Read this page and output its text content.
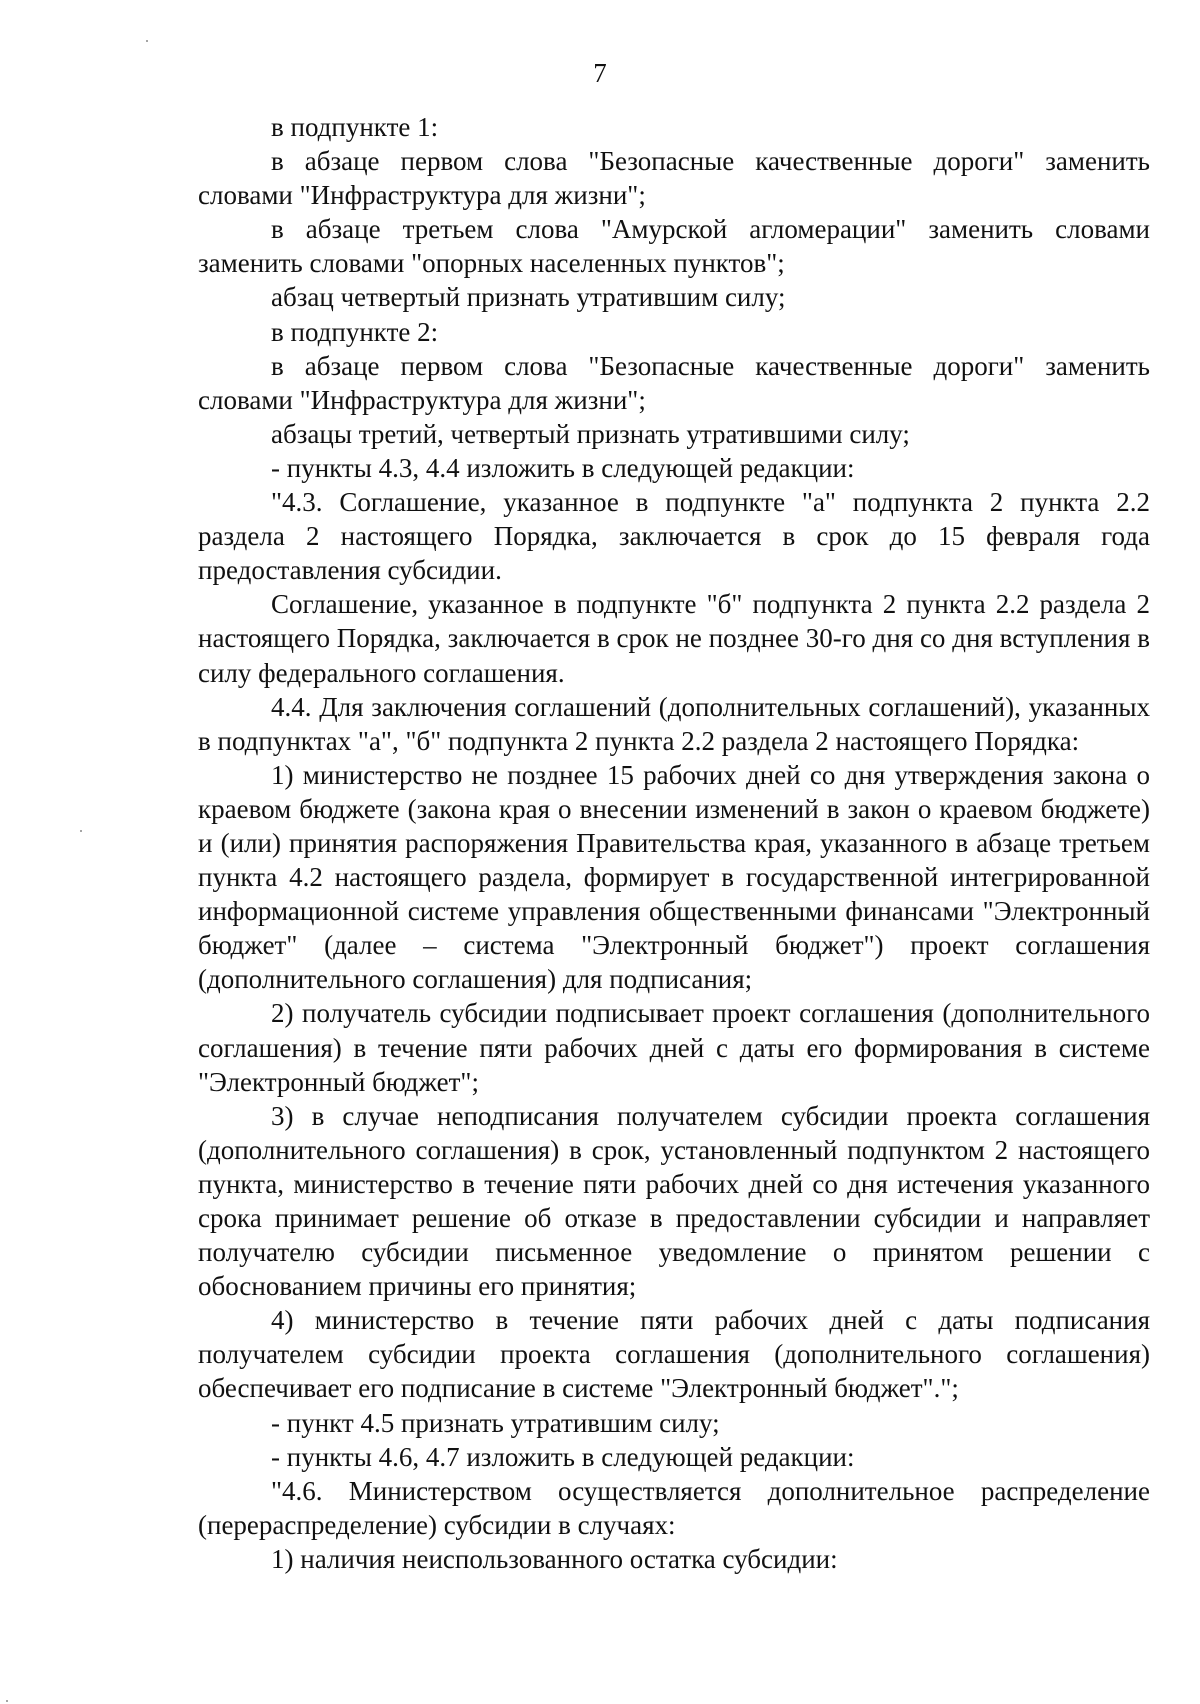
7

в подпункте 1:

в абзаце первом слова "Безопасные качественные дороги" заменить словами "Инфраструктура для жизни";

в абзаце третьем слова "Амурской агломерации" заменить словами заменить словами "опорных населенных пунктов";

абзац четвертый признать утратившим силу;

в подпункте 2:

в абзаце первом слова "Безопасные качественные дороги" заменить словами "Инфраструктура для жизни";

абзацы третий, четвертый признать утратившими силу;

- пункты 4.3, 4.4 изложить в следующей редакции:

"4.3. Соглашение, указанное в подпункте "а" подпункта 2 пункта 2.2 раздела 2 настоящего Порядка, заключается в срок до 15 февраля года предоставления субсидии.

Соглашение, указанное в подпункте "б" подпункта 2 пункта 2.2 раздела 2 настоящего Порядка, заключается в срок не позднее 30-го дня со дня вступления в силу федерального соглашения.

4.4. Для заключения соглашений (дополнительных соглашений), указанных в подпунктах "а", "б" подпункта 2 пункта 2.2 раздела 2 настоящего Порядка:

1) министерство не позднее 15 рабочих дней со дня утверждения закона о краевом бюджете (закона края о внесении изменений в закон о краевом бюджете) и (или) принятия распоряжения Правительства края, указанного в абзаце третьем пункта 4.2 настоящего раздела, формирует в государственной интегрированной информационной системе управления общественными финансами "Электронный бюджет" (далее – система "Электронный бюджет") проект соглашения (дополнительного соглашения) для подписания;

2) получатель субсидии подписывает проект соглашения (дополнительного соглашения) в течение пяти рабочих дней с даты его формирования в системе "Электронный бюджет";

3) в случае неподписания получателем субсидии проекта соглашения (дополнительного соглашения) в срок, установленный подпунктом 2 настоящего пункта, министерство в течение пяти рабочих дней со дня истечения указанного срока принимает решение об отказе в предоставлении субсидии и направляет получателю субсидии письменное уведомление о принятом решении с обоснованием причины его принятия;

4) министерство в течение пяти рабочих дней с даты подписания получателем субсидии проекта соглашения (дополнительного соглашения) обеспечивает его подписание в системе "Электронный бюджет".";

- пункт 4.5 признать утратившим силу;

- пункты 4.6, 4.7 изложить в следующей редакции:

"4.6. Министерством осуществляется дополнительное распределение (перераспределение) субсидии в случаях:

1) наличия неиспользованного остатка субсидии:
